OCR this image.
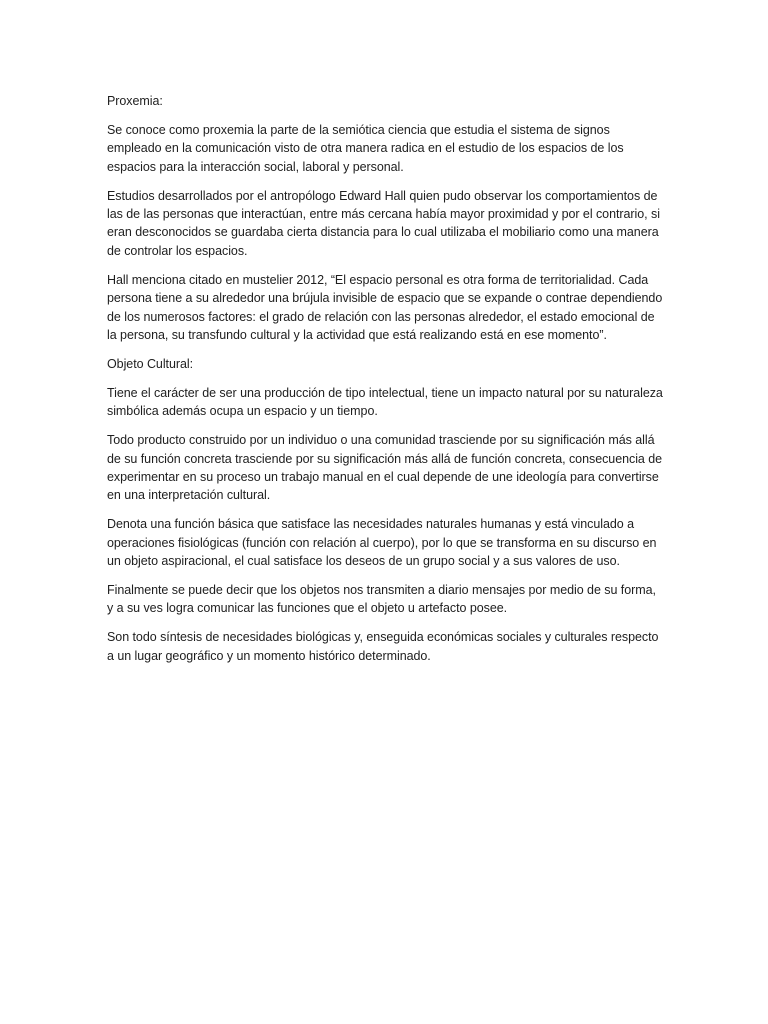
Proxemia:

Se conoce como proxemia la parte de la semiótica ciencia que estudia el sistema de signos empleado en la comunicación visto de otra manera radica en el estudio de los espacios de los espacios para la interacción social, laboral y personal.

Estudios desarrollados por el antropólogo Edward Hall quien pudo observar los comportamientos de las de las personas que interactúan, entre más cercana había mayor proximidad y por el contrario, si eran desconocidos se guardaba cierta distancia para lo cual utilizaba el mobiliario como una manera de controlar los espacios.

Hall menciona citado en mustelier 2012, “El espacio personal es otra forma de territorialidad. Cada persona tiene a su alrededor una brújula invisible de espacio que se expande o contrae dependiendo de los numerosos factores: el grado de relación con las personas alrededor, el estado emocional de la persona, su transfundo cultural y la actividad que está realizando está en ese momento”.

Objeto Cultural:

Tiene el carácter de ser una producción de tipo intelectual, tiene un impacto natural por su naturaleza simbólica además ocupa un espacio y un tiempo.

Todo producto construido por un individuo o una comunidad trasciende por su significación más allá de su función concreta trasciende por su significación más allá de función concreta, consecuencia de experimentar en su proceso un trabajo manual en el cual depende de une ideología para convertirse en una interpretación cultural.

Denota una función básica que satisface las necesidades naturales humanas y está vinculado a operaciones fisiológicas (función con relación al cuerpo), por lo que se transforma en su discurso en un objeto aspiracional, el cual satisface los deseos de un grupo social y a sus valores de uso.

Finalmente se puede decir que los objetos nos transmiten a diario mensajes por medio de su forma, y a su ves logra comunicar las funciones que el objeto u artefacto posee.

Son todo síntesis de necesidades biológicas y, enseguida económicas sociales y culturales respecto a un lugar geográfico y un momento histórico determinado.
